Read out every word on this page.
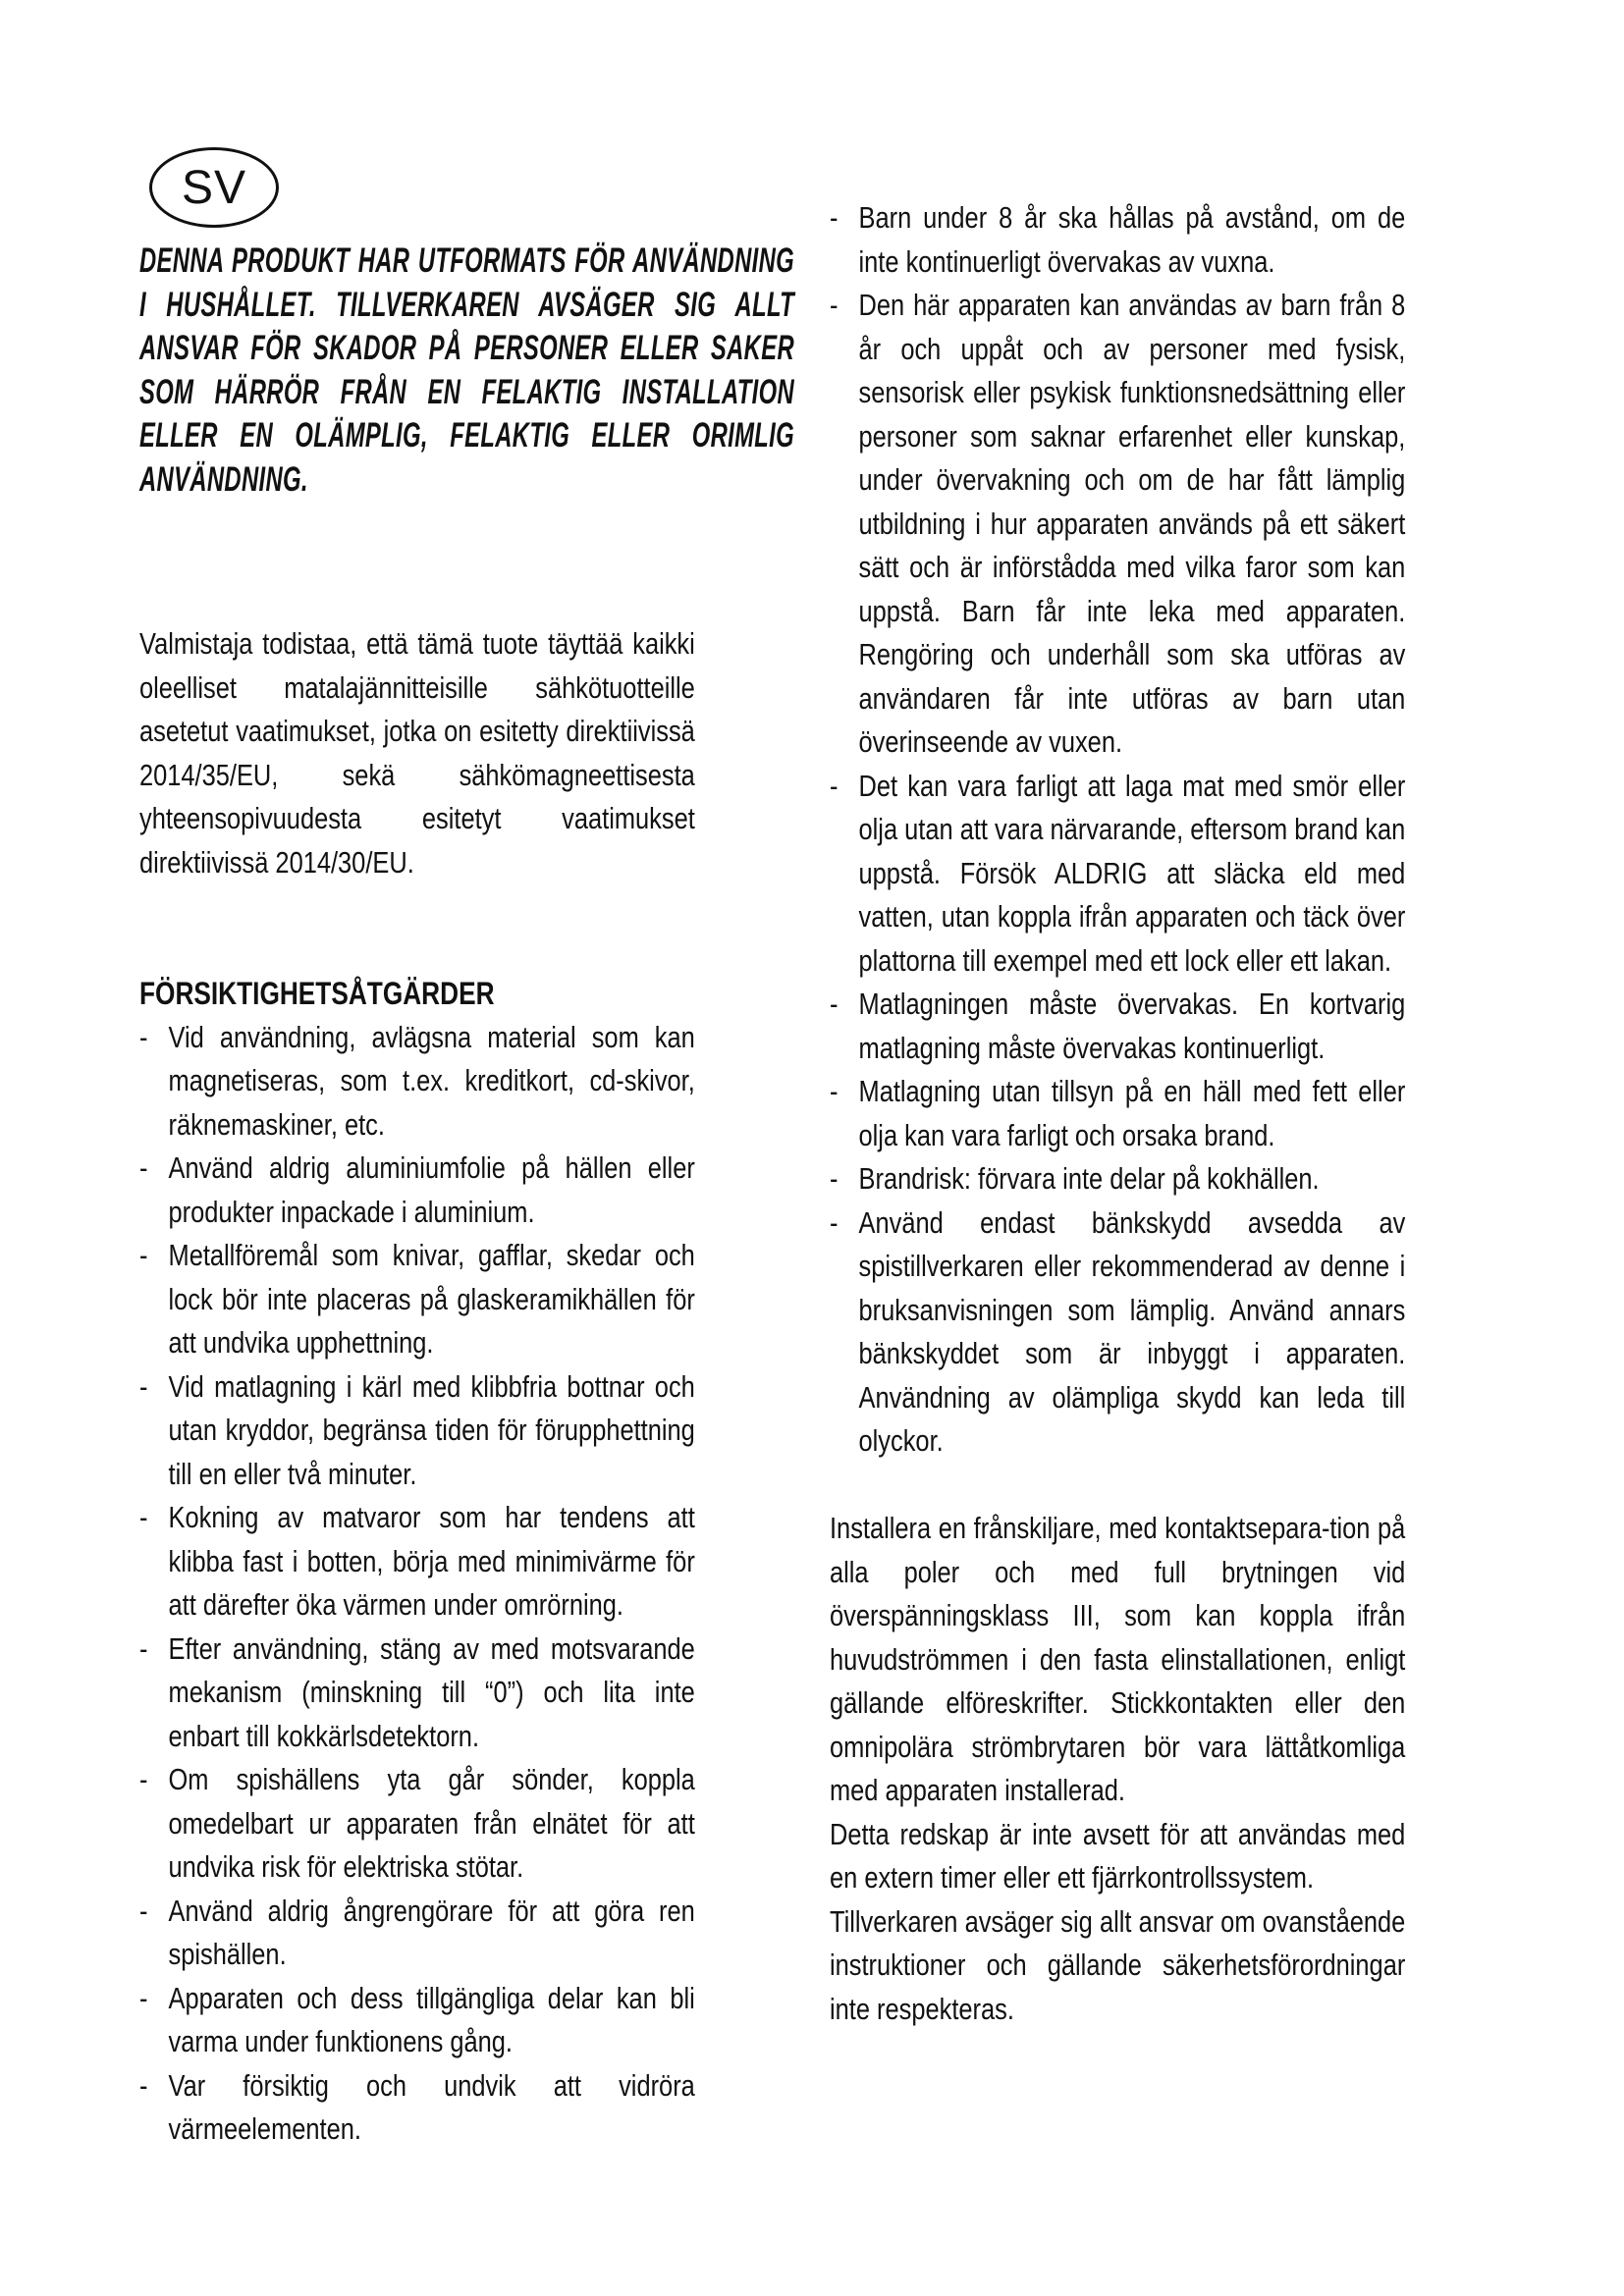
SV
DENNA PRODUKT HAR UTFORMATS FÖR ANVÄNDNING I HUSHÅLLET. TILLVERKAREN AVSÄGER SIG ALLT ANSVAR FÖR SKADOR PÅ PERSONER ELLER SAKER SOM HÄRRÖR FRÅN EN FELAKTIG INSTALLATION ELLER EN OLÄMPLIG, FELAKTIG ELLER ORIMLIG ANVÄNDNING.

Valmistaja todistaa, että tämä tuote täyttää kaikki oleelliset matalajännitteisille sähkötuotteille asetetut vaatimukset, jotka on esitetty direktiivissä 2014/35/EU, sekä sähkömagneettisesta yhteensopivuudesta esitetyt vaatimukset direktiivissä 2014/30/EU.

FÖRSIKTIGHETSÅTGÄRDER
- Vid användning, avlägsna material som kan magnetiseras, som t.ex. kreditkort, cd-skivor, räknemaskiner, etc.
- Använd aldrig aluminiumfolie på hällen eller produkter inpackade i aluminium.
- Metallföremål som knivar, gafflar, skedar och lock bör inte placeras på glaskeramikhällen för att undvika upphettning.
- Vid matlagning i kärl med klibbfria bottnar och utan kryddor, begränsa tiden för förupphettning till en eller två minuter.
- Kokning av matvaror som har tendens att klibba fast i botten, börja med minimivärme för att därefter öka värmen under omrörning.
- Efter användning, stäng av med motsvarande mekanism (minskning till “0”) och lita inte enbart till kokkärlsdetektorn.
- Om spishällens yta går sönder, koppla omedelbart ur apparaten från elnätet för att undvika risk för elektriska stötar.
- Använd aldrig ångrengörare för att göra ren spishällen.
- Apparaten och dess tillgängliga delar kan bli varma under funktionens gång.
- Var försiktig och undvik att vidröra värmeelementen.
- Barn under 8 år ska hållas på avstånd, om de inte kontinuerligt övervakas av vuxna.
- Den här apparaten kan användas av barn från 8 år och uppåt och av personer med fysisk, sensorisk eller psykisk funktionsnedsättning eller personer som saknar erfarenhet eller kunskap, under övervakning och om de har fått lämplig utbildning i hur apparaten används på ett säkert sätt och är införstådda med vilka faror som kan uppstå. Barn får inte leka med apparaten. Rengöring och underhåll som ska utföras av användaren får inte utföras av barn utan överinseende av vuxen.
- Det kan vara farligt att laga mat med smör eller olja utan att vara närvarande, eftersom brand kan uppstå. Försök ALDRIG att släcka eld med vatten, utan koppla ifrån apparaten och täck över plattorna till exempel med ett lock eller ett lakan.
- Matlagningen måste övervakas. En kortvarig matlagning måste övervakas kontinuerligt.
- Matlagning utan tillsyn på en häll med fett eller olja kan vara farligt och orsaka brand.
- Brandrisk: förvara inte delar på kokhällen.
- Använd endast bänkskydd avsedda av spistillverkaren eller rekommenderad av denne i bruksanvisningen som lämplig. Använd annars bänkskyddet som är inbyggt i apparaten. Användning av olämpliga skydd kan leda till olyckor.

Installera en frånskiljare, med kontaktsepara-tion på alla poler och med full brytningen vid överspänningsklass III, som kan koppla ifrån huvudströmmen i den fasta elinstallationen, enligt gällande elföreskrifter. Stickkontakten eller den omnipolära strömbrytaren bör vara lättåtkomliga med apparaten installerad.

Detta redskap är inte avsett för att användas med en extern timer eller ett fjärrkontrollssystem.

Tillverkaren avsäger sig allt ansvar om ovanstående instruktioner och gällande säkerhetsförordningar inte respekteras.
